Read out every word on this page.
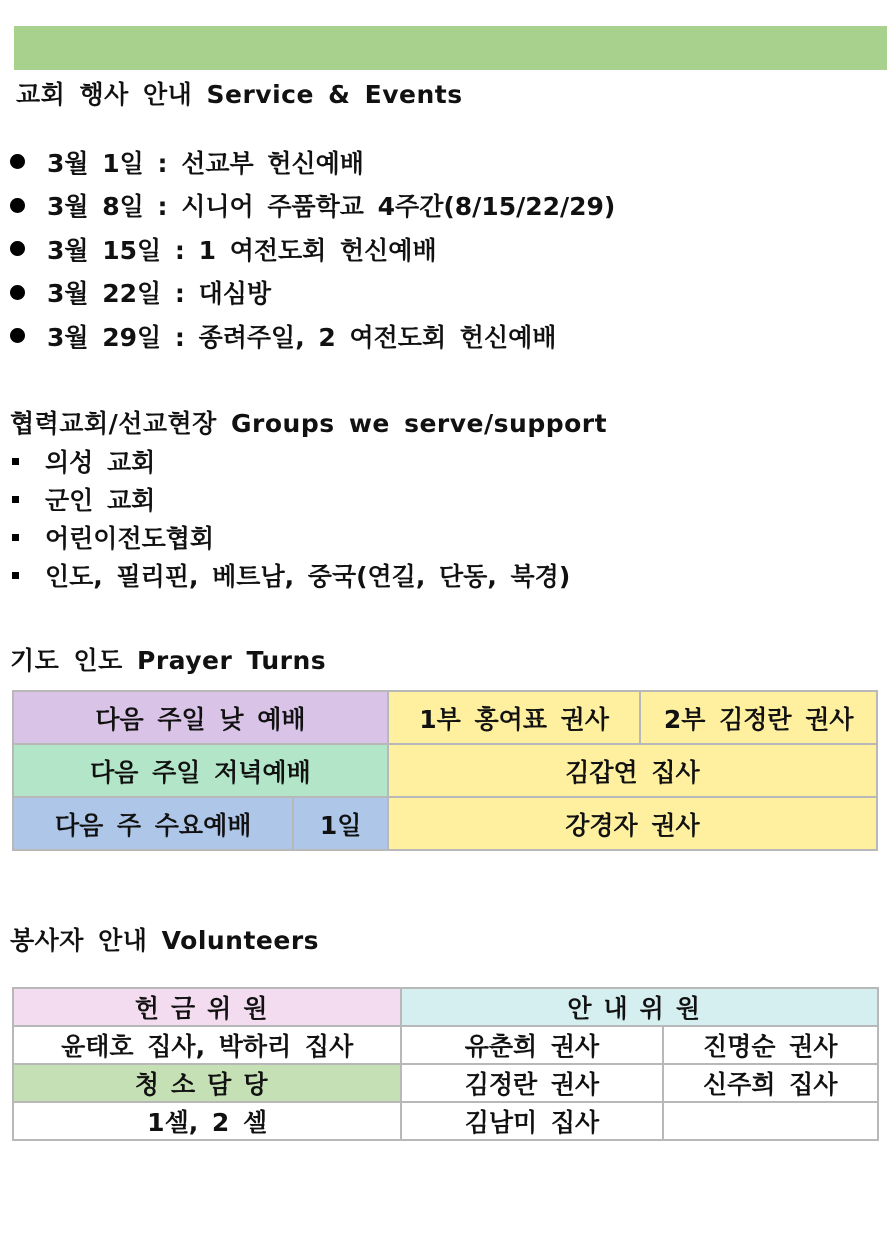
교회 행사 안내 Service & Events
3월 1일 : 선교부 헌신예배
3월 8일 : 시니어 주품학교 4주간(8/15/22/29)
3월 15일 : 1 여전도회 헌신예배
3월 22일 : 대심방
3월 29일 : 종려주일, 2 여전도회 헌신예배
협력교회/선교현장 Groups we serve/support
의성 교회
군인 교회
어린이전도협회
인도, 필리핀, 베트남, 중국(연길, 단동, 북경)
기도 인도 Prayer Turns
다음 주일 낮 예배		1부 홍여표 권사	2부 김정란 권사
다음 주일 저녁예배		김갑연 집사	
다음 주 수요예배	1일	강경자 권사	
봉사자 안내 Volunteers
헌금위원	안내위원	
윤태호 집사, 박하리 집사	유춘희 권사	진명순 권사
청소담당	김정란 권사	신주희 집사
1셀, 2 셀	김남미 집사	
